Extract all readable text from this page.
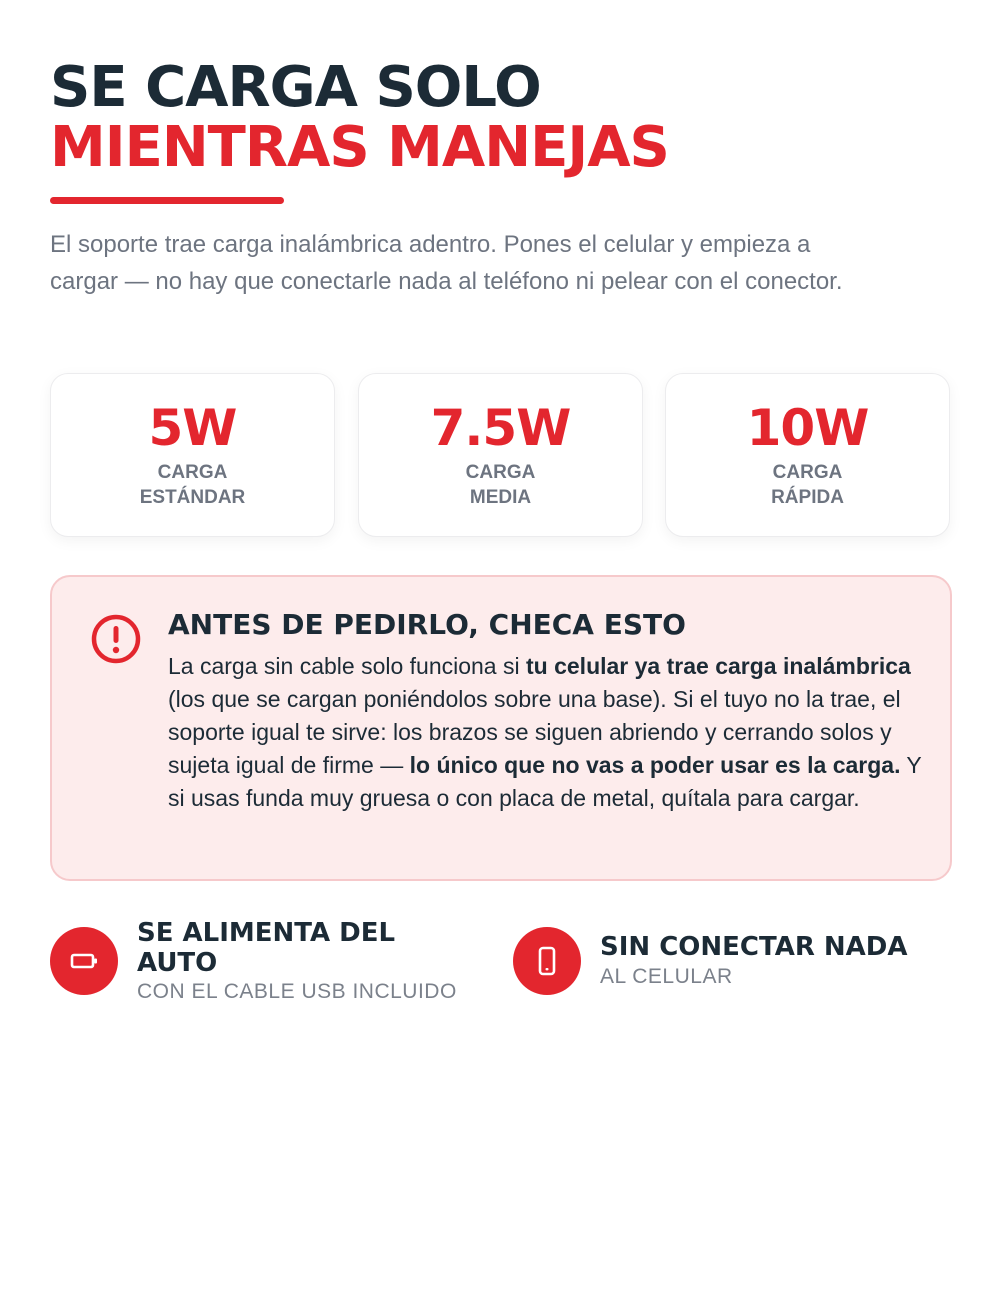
SE CARGA SOLO
MIENTRAS MANEJAS

El soporte trae carga inalámbrica adentro. Pones el celular y empieza a cargar — no hay que conectarle nada al teléfono ni pelear con el conector.

5W
CARGA
ESTÁNDAR
7.5W
CARGA
MEDIA
10W
CARGA
RÁPIDA
ANTES DE PEDIRLO, CHECA ESTO

La carga sin cable solo funciona si tu celular ya trae carga inalámbrica (los que se cargan poniéndolos sobre una base). Si el tuyo no la trae, el soporte igual te sirve: los brazos se siguen abriendo y cerrando solos y sujeta igual de firme — lo único que no vas a poder usar es la carga. Y si usas funda muy gruesa o con placa de metal, quítala para cargar.

SE ALIMENTA DEL AUTO

CON EL CABLE USB INCLUIDO

SIN CONECTAR NADA

AL CELULAR
